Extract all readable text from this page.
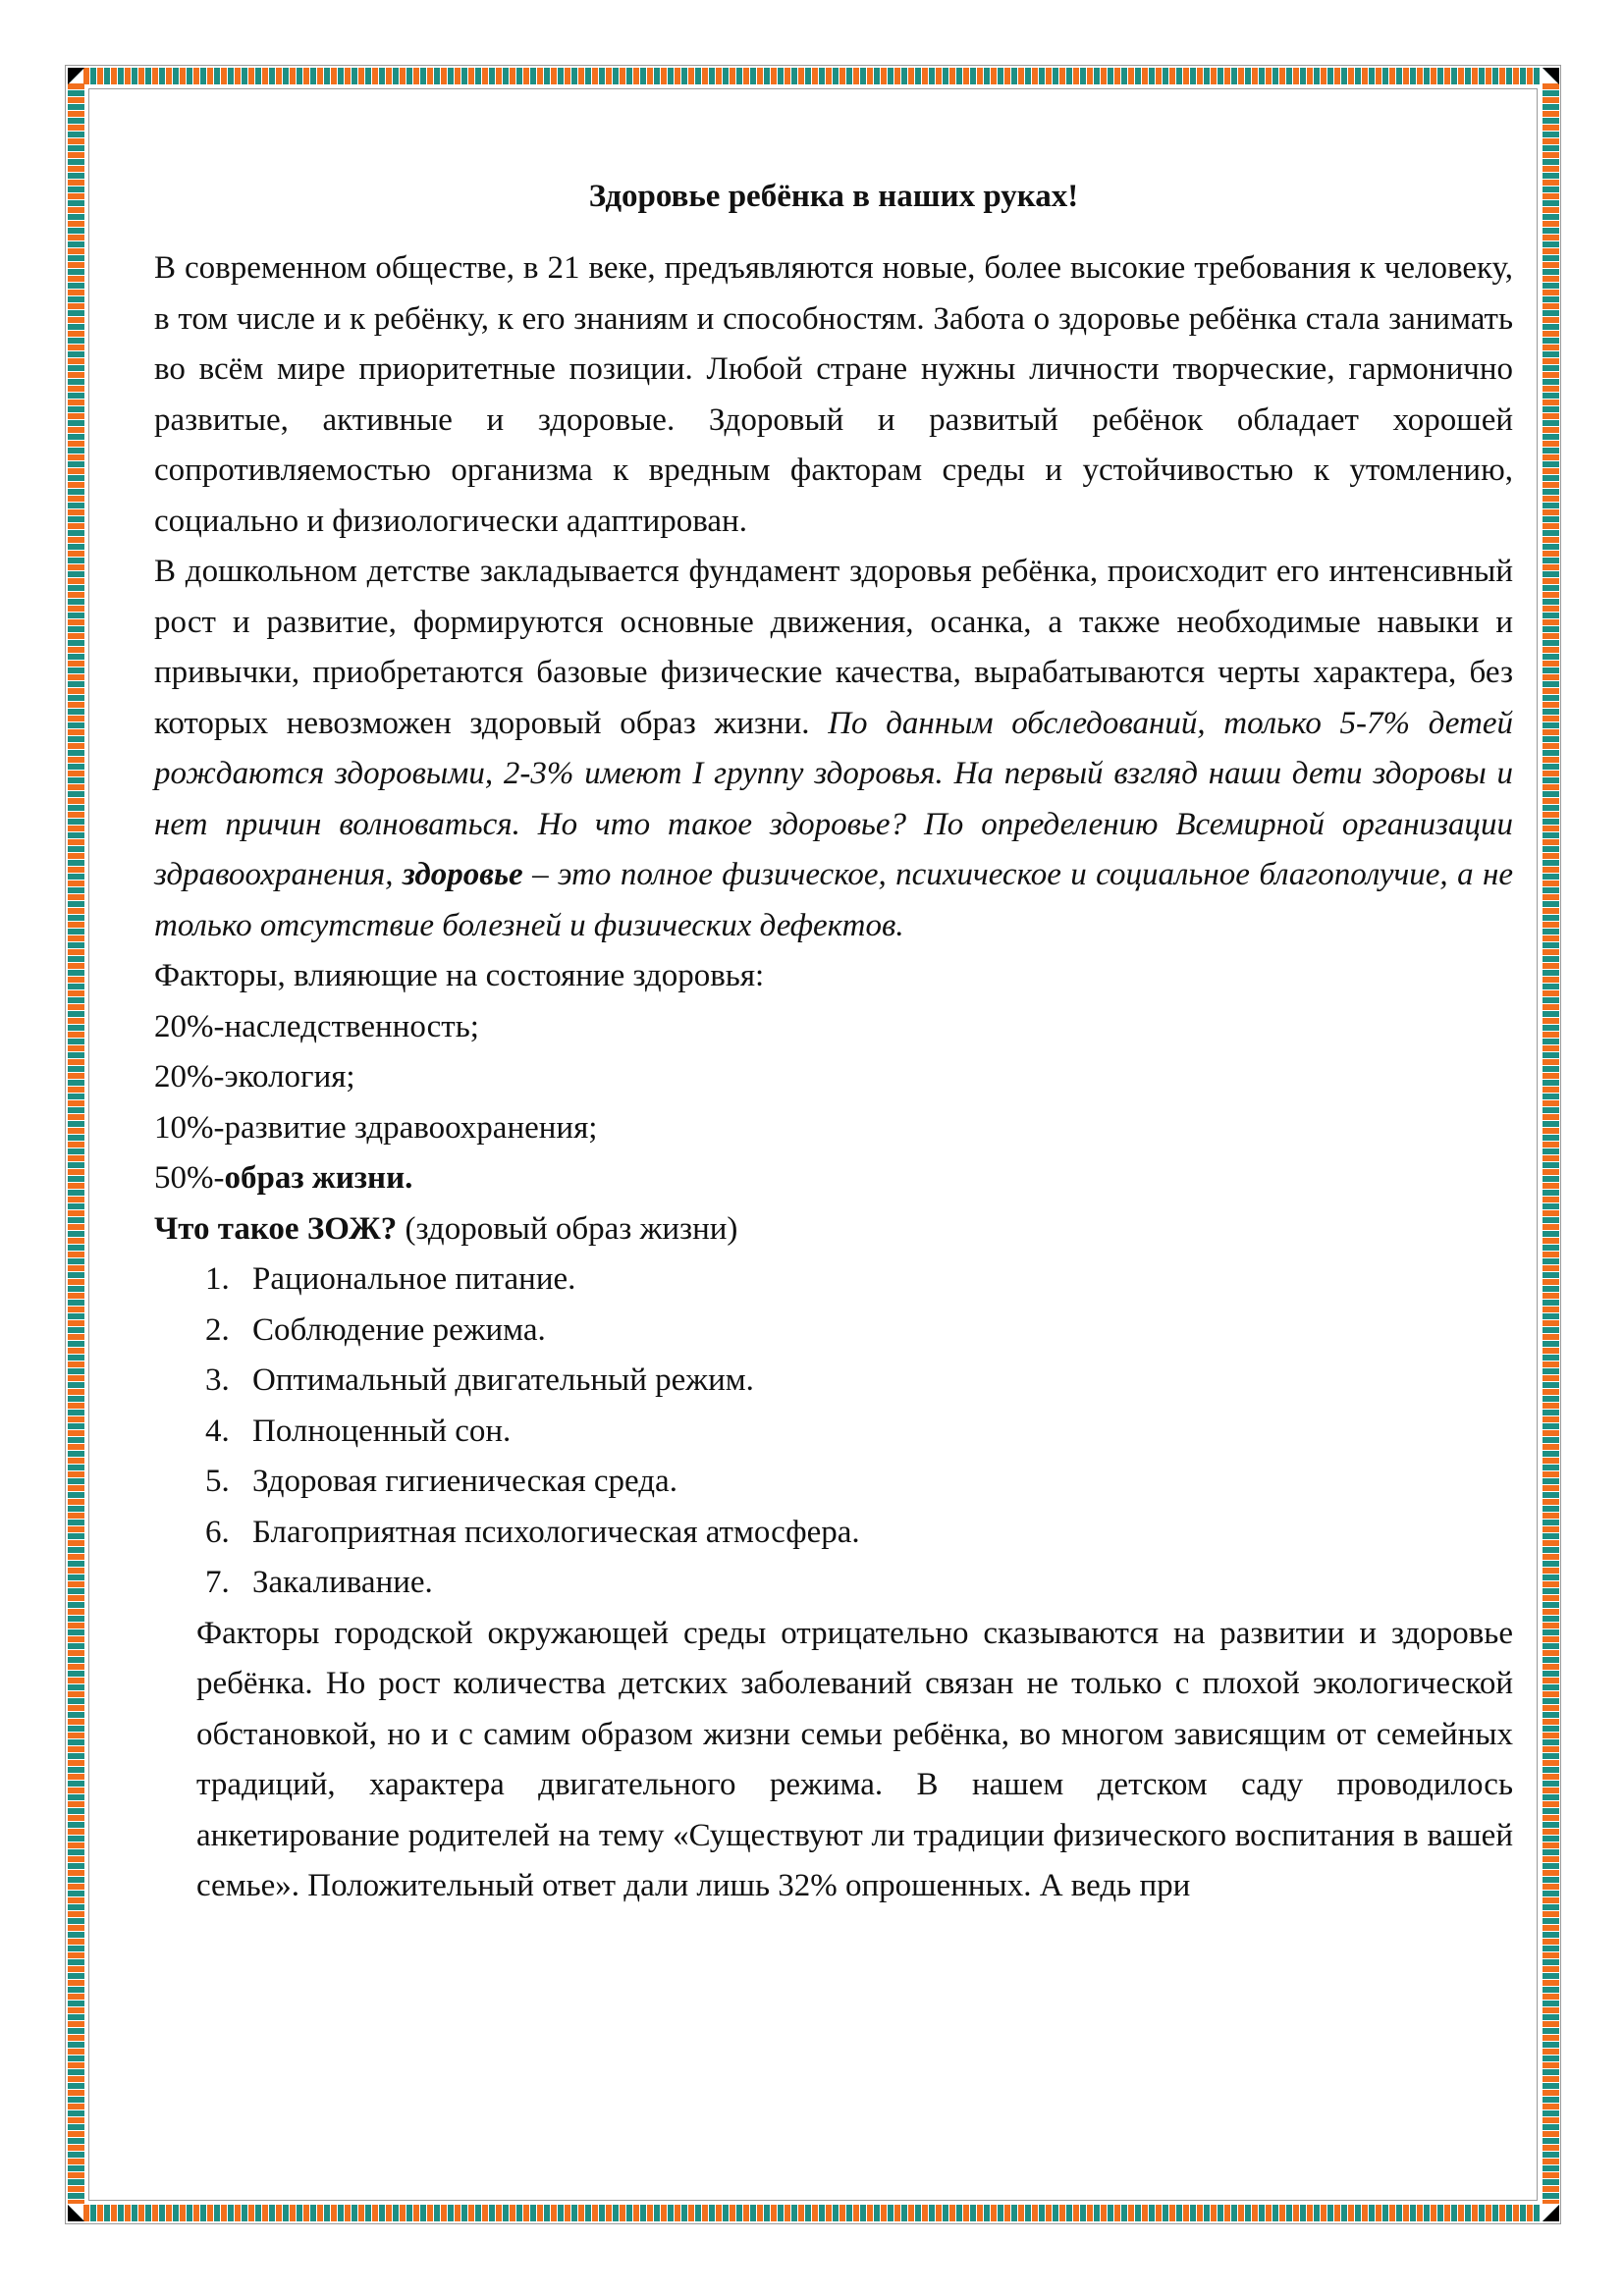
Здоровье ребёнка в наших руках!

В современном обществе, в 21 веке, предъявляются новые, более высокие требования к человеку, в том числе и к ребёнку, к его знаниям и способностям. Забота о здоровье ребёнка стала занимать во всём мире приоритетные позиции. Любой стране нужны личности творческие, гармонично развитые, активные и здоровые. Здоровый и развитый ребёнок обладает хорошей сопротивляемостью организма к вредным факторам среды и устойчивостью к утомлению, социально и физиологически адаптирован.

В дошкольном детстве закладывается фундамент здоровья ребёнка, происходит его интенсивный рост и развитие, формируются основные движения, осанка, а также необходимые навыки и привычки, приобретаются базовые физические качества, вырабатываются черты характера, без которых невозможен здоровый образ жизни. По данным обследований, только 5-7% детей рождаются здоровыми, 2-3% имеют I группу здоровья. На первый взгляд наши дети здоровы и нет причин волноваться. Но что такое здоровье? По определению Всемирной организации здравоохранения, здоровье – это полное физическое, психическое и социальное благополучие, а не только отсутствие болезней и физических дефектов.

Факторы, влияющие на состояние здоровья:

20%-наследственность;

20%-экология;

10%-развитие здравоохранения;

50%-образ жизни.

Что такое ЗОЖ? (здоровый образ жизни)

1. Рациональное питание.
2. Соблюдение режима.
3. Оптимальный двигательный режим.
4. Полноценный сон.
5. Здоровая гигиеническая среда.
6. Благоприятная психологическая атмосфера.
7. Закаливание.

Факторы городской окружающей среды отрицательно сказываются на развитии и здоровье ребёнка. Но рост количества детских заболеваний связан не только с плохой экологической обстановкой, но и с самим образом жизни семьи ребёнка, во многом зависящим от семейных традиций, характера двигательного режима. В нашем детском саду проводилось анкетирование родителей на тему «Существуют ли традиции физического воспитания в вашей семье». Положительный ответ дали лишь 32% опрошенных. А ведь при
